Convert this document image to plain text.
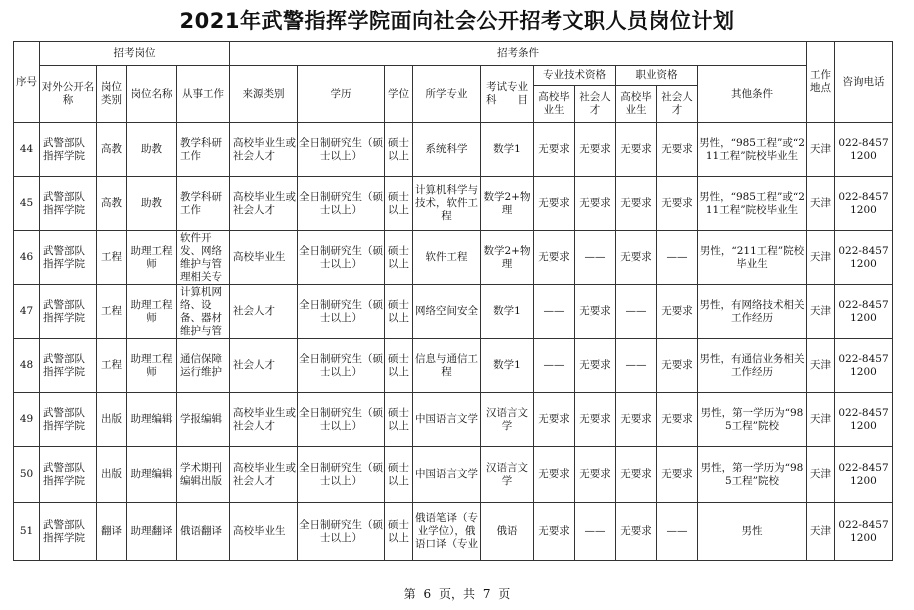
2021年武警指挥学院面向社会公开招考文职人员岗位计划
序号	招考岗位				招考条件										工作地点	咨询电话
	对外公开名　　称	岗位类别	岗位名称	从事工作	来源类别	学历	学位	所学专业	考试专业科　　目	专业技术资格		职业资格		其他条件		
										高校毕业生	社会人才	高校毕业生	社会人才			
44	武警部队指挥学院	高教	助教	教学科研工作	高校毕业生或社会人才	全日制研究生（硕士以上）	硕士以上	系统科学	数学1	无要求	无要求	无要求	无要求	男性，“985工程”或“211工程”院校毕业生	天津	022-84571200
45	武警部队指挥学院	高教	助教	教学科研工作	高校毕业生或社会人才	全日制研究生（硕士以上）	硕士以上	计算机科学与技术，软件工程	数学2+物理	无要求	无要求	无要求	无要求	男性，“985工程”或“211工程”院校毕业生	天津	022-84571200
46	武警部队指挥学院	工程	助理工程师	软件开发、网络维护与管理相关专	高校毕业生	全日制研究生（硕士以上）	硕士以上	软件工程	数学2+物理	无要求	——	无要求	——	男性，“211工程”院校毕业生	天津	022-84571200
47	武警部队指挥学院	工程	助理工程师	计算机网络、设备、器材维护与管	社会人才	全日制研究生（硕士以上）	硕士以上	网络空间安全	数学1	——	无要求	——	无要求	男性，有网络技术相关工作经历	天津	022-84571200
48	武警部队指挥学院	工程	助理工程师	通信保障运行维护	社会人才	全日制研究生（硕士以上）	硕士以上	信息与通信工程	数学1	——	无要求	——	无要求	男性，有通信业务相关工作经历	天津	022-84571200
49	武警部队指挥学院	出版	助理编辑	学报编辑	高校毕业生或社会人才	全日制研究生（硕士以上）	硕士以上	中国语言文学	汉语言文学	无要求	无要求	无要求	无要求	男性，第一学历为“985工程”院校	天津	022-84571200
50	武警部队指挥学院	出版	助理编辑	学术期刊编辑出版	高校毕业生或社会人才	全日制研究生（硕士以上）	硕士以上	中国语言文学	汉语言文学	无要求	无要求	无要求	无要求	男性，第一学历为“985工程”院校	天津	022-84571200
51	武警部队指挥学院	翻译	助理翻译	俄语翻译	高校毕业生	全日制研究生（硕士以上）	硕士以上	俄语笔译（专业学位），俄语口译（专业	俄语	无要求	——	无要求	——	男性	天津	022-84571200
第 6 页，共 7 页
